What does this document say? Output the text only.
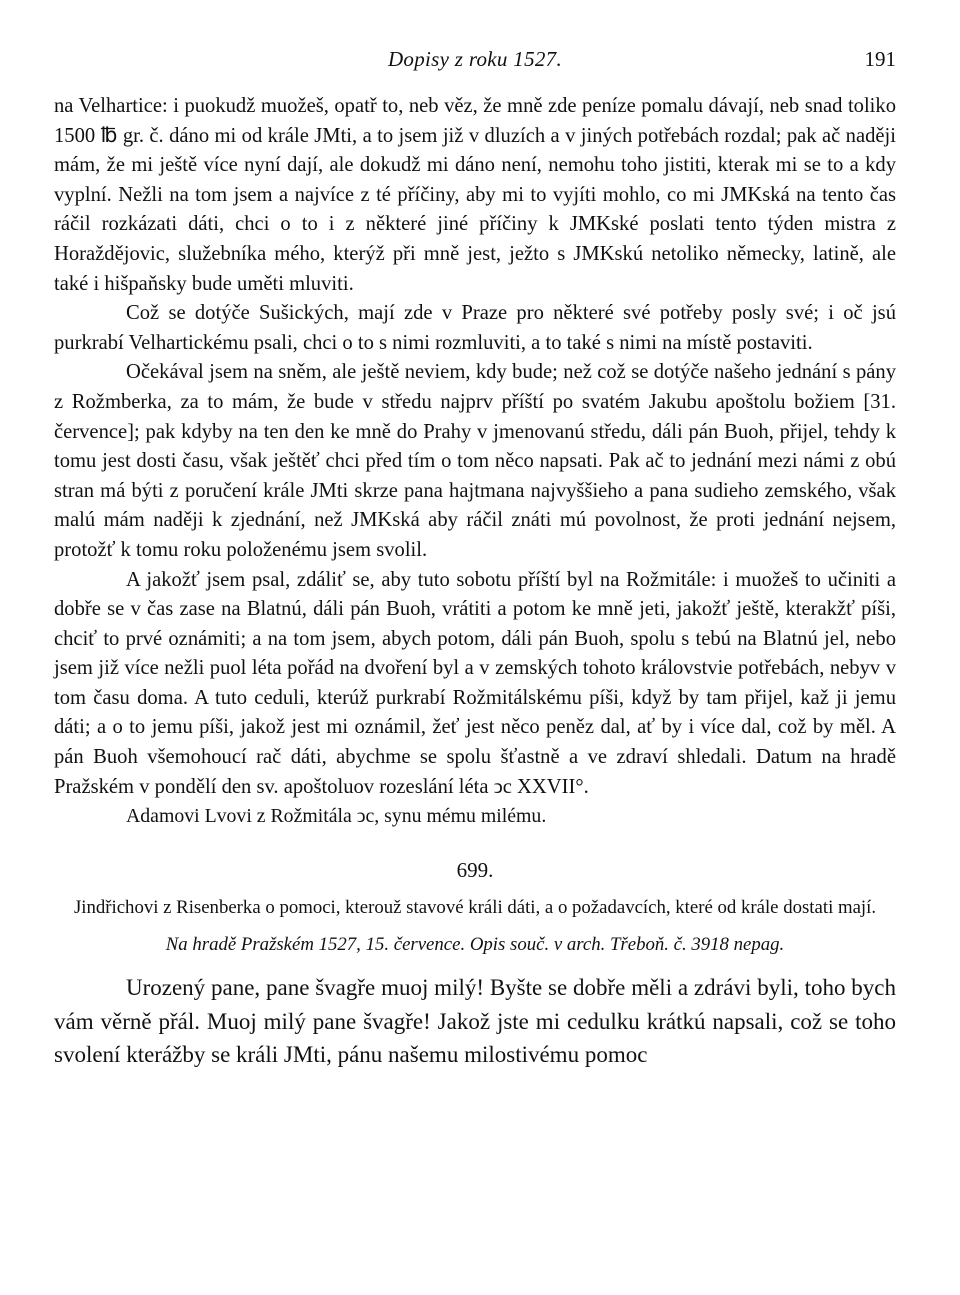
Dopisy z roku 1527.	191

na Velhartice: i puokudž muožeš, opatř to, neb věz, že mně zde peníze pomalu dávají, neb snad toliko 1500 ℔ gr. č. dáno mi od krále JMti, a to jsem již v dluzích a v jiných potřebách rozdal; pak ač naději mám, že mi ještě více nyní dají, ale dokudž mi dáno není, nemohu toho jistiti, kterak mi se to a kdy vyplní. Nežli na tom jsem a najvíce z té příčiny, aby mi to vyjíti mohlo, co mi JMKská na tento čas ráčil rozkázati dáti, chci o to i z některé jiné příčiny k JMKské poslati tento týden mistra z Horaždějovic, služebníka mého, kterýž při mně jest, ježto s JMKskú netoliko německy, latině, ale také i hišpaňsky bude uměti mluviti.

Což se dotýče Sušických, mají zde v Praze pro některé své potřeby posly své; i oč jsú purkrabí Velhartickému psali, chci o to s nimi rozmluviti, a to také s nimi na místě postaviti.

Očekával jsem na sněm, ale ještě neviem, kdy bude; než což se dotýče našeho jednání s pány z Rožmberka, za to mám, že bude v středu najprv příští po svatém Jakubu apoštolu božiem [31. července]; pak kdyby na ten den ke mně do Prahy v jmenovanú středu, dáli pán Buoh, přijel, tehdy k tomu jest dosti času, však ještěť chci před tím o tom něco napsati. Pak ač to jednání mezi námi z obú stran má býti z poručení krále JMti skrze pana hajtmana najvyššieho a pana sudieho zemského, však malú mám naději k zjednání, než JMKská aby ráčil znáti mú povolnost, že proti jednání nejsem, protožť k tomu roku položenému jsem svolil.

A jakožť jsem psal, zdáliť se, aby tuto sobotu příští byl na Rožmitále: i muožeš to učiniti a dobře se v čas zase na Blatnú, dáli pán Buoh, vrátiti a potom ke mně jeti, jakožť ještě, kterakžť píši, chciť to prvé oznámiti; a na tom jsem, abych potom, dáli pán Buoh, spolu s tebú na Blatnú jel, nebo jsem již více nežli puol léta pořád na dvoření byl a v zemských tohoto královstvie potřebách, nebyv v tom času doma. A tuto ceduli, kterúž purkrabí Rožmitálskému píši, když by tam přijel, kaž ji jemu dáti; a o to jemu píši, jakož jest mi oznámil, žeť jest něco peněz dal, ať by i více dal, což by měl. A pán Buoh všemohoucí rač dáti, abychme se spolu šťastně a ve zdraví shledali. Datum na hradě Pražském v pondělí den sv. apoštoluov rozeslání léta ↄc XXVII°.

Adamovi Lvovi z Rožmitála ↄc, synu mému milému.

699.

Jindřichovi z Risenberka o pomoci, kterouž stavové králi dáti, a o požadavcích, které od krále dostati mají.

Na hradě Pražském 1527, 15. července. Opis souč. v arch. Třeboň. č. 3918 nepag.

Urozený pane, pane švagře muoj milý! Byšte se dobře měli a zdrávi byli, toho bych vám věrně přál. Muoj milý pane švagře! Jakož jste mi cedulku krátkú napsali, což se toho svolení kterážby se králi JMti, pánu našemu milostivému pomoc
